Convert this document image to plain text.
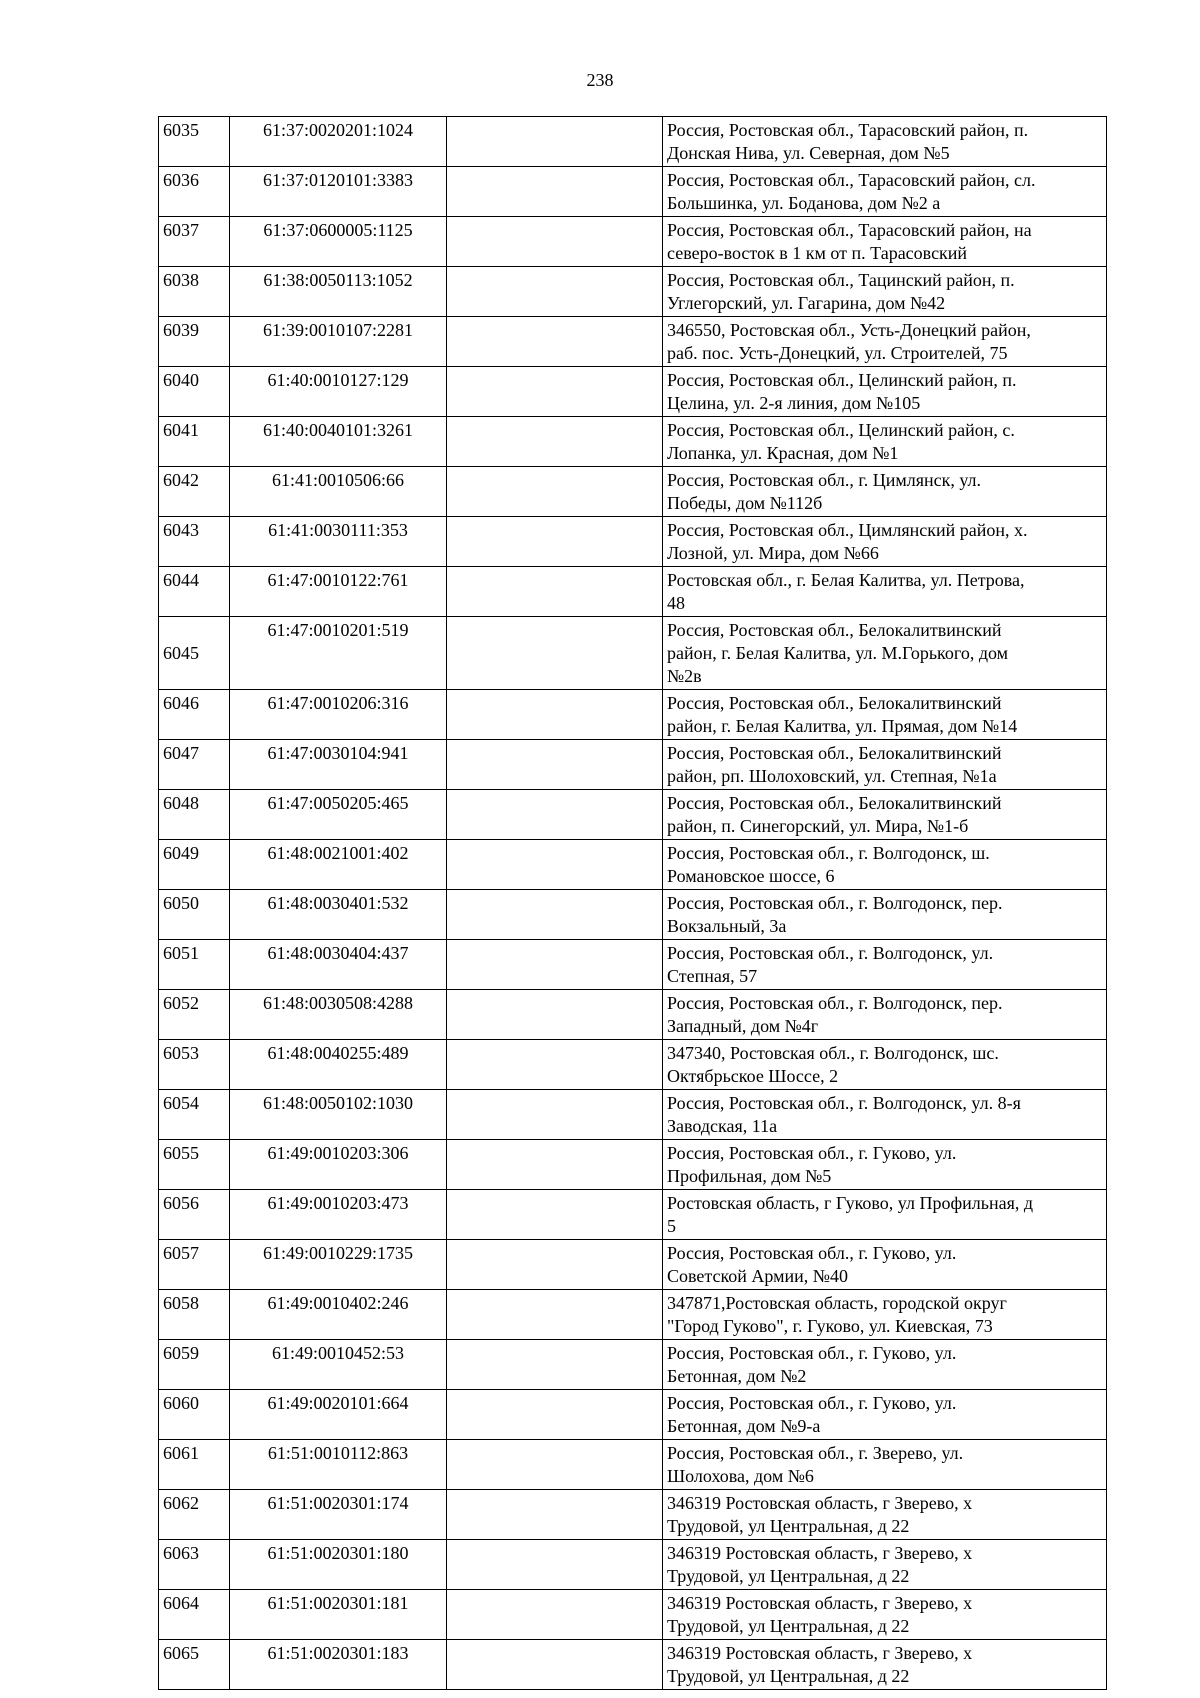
238
6035	61:37:0020201:1024		Россия, Ростовская обл., Тарасовский район, п.
Донская Нива, ул. Северная, дом №5

6036	61:37:0120101:3383		Россия, Ростовская обл., Тарасовский район, сл.
Большинка, ул. Боданова, дом №2 а

6037	61:37:0600005:1125		Россия, Ростовская обл., Тарасовский район, на
северо-восток в 1 км от п. Тарасовский

6038	61:38:0050113:1052		Россия, Ростовская обл., Тацинский район, п.
Углегорский, ул. Гагарина, дом №42

6039	61:39:0010107:2281		346550, Ростовская обл., Усть-Донецкий район,
раб. пос. Усть-Донецкий, ул. Строителей, 75

6040	61:40:0010127:129		Россия, Ростовская обл., Целинский район, п.
Целина, ул. 2-я линия, дом №105

6041	61:40:0040101:3261		Россия, Ростовская обл., Целинский район, с.
Лопанка, ул. Красная, дом №1

6042	61:41:0010506:66		Россия, Ростовская обл., г. Цимлянск, ул.
Победы, дом №112б

6043	61:41:0030111:353		Россия, Ростовская обл., Цимлянский район, х.
Лозной, ул. Мира, дом №66

6044	61:47:0010122:761		Ростовская обл., г. Белая Калитва, ул. Петрова,
48

6045	61:47:0010201:519		Россия, Ростовская обл., Белокалитвинский
район, г. Белая Калитва, ул. М.Горького, дом
№2в

6046	61:47:0010206:316		Россия, Ростовская обл., Белокалитвинский
район, г. Белая Калитва, ул. Прямая, дом №14

6047	61:47:0030104:941		Россия, Ростовская обл., Белокалитвинский
район, рп. Шолоховский, ул. Степная, №1а

6048	61:47:0050205:465		Россия, Ростовская обл., Белокалитвинский
район, п. Синегорский, ул. Мира, №1-б

6049	61:48:0021001:402		Россия, Ростовская обл., г. Волгодонск, ш.
Романовское шоссе, 6

6050	61:48:0030401:532		Россия, Ростовская обл., г. Волгодонск, пер.
Вокзальный, 3а

6051	61:48:0030404:437		Россия, Ростовская обл., г. Волгодонск, ул.
Степная, 57

6052	61:48:0030508:4288		Россия, Ростовская обл., г. Волгодонск, пер.
Западный, дом №4г

6053	61:48:0040255:489		347340, Ростовская обл., г. Волгодонск, шс.
Октябрьское Шоссе, 2

6054	61:48:0050102:1030		Россия, Ростовская обл., г. Волгодонск, ул. 8-я
Заводская, 11а

6055	61:49:0010203:306		Россия, Ростовская обл., г. Гуково, ул.
Профильная, дом №5

6056	61:49:0010203:473		Ростовская область, г Гуково, ул Профильная, д
5

6057	61:49:0010229:1735		Россия, Ростовская обл., г. Гуково, ул.
Советской Армии, №40

6058	61:49:0010402:246		347871,Ростовская область, городской округ
"Город Гуково", г. Гуково, ул. Киевская, 73

6059	61:49:0010452:53		Россия, Ростовская обл., г. Гуково, ул.
Бетонная, дом №2

6060	61:49:0020101:664		Россия, Ростовская обл., г. Гуково, ул.
Бетонная, дом №9-а

6061	61:51:0010112:863		Россия, Ростовская обл., г. Зверево, ул.
Шолохова, дом №6

6062	61:51:0020301:174		346319 Ростовская область, г Зверево, х
Трудовой, ул Центральная, д 22

6063	61:51:0020301:180		346319 Ростовская область, г Зверево, х
Трудовой, ул Центральная, д 22

6064	61:51:0020301:181		346319 Ростовская область, г Зверево, х
Трудовой, ул Центральная, д 22

6065	61:51:0020301:183		346319 Ростовская область, г Зверево, х
Трудовой, ул Центральная, д 22
